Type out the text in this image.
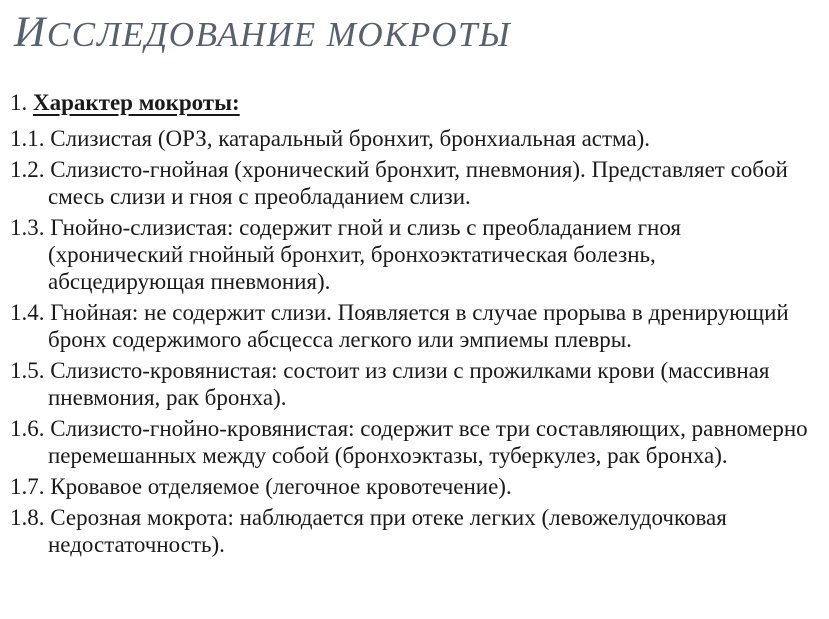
ИССЛЕДОВАНИЕ МОКРОТЫ

1. Характер мокроты:

1.1. Слизистая (ОРЗ, катаральный бронхит, бронхиальная астма).

1.2. Слизисто-гнойная (хронический бронхит, пневмония). Представляет собой смесь слизи и гноя с преобладанием слизи.

1.3. Гнойно-слизистая: содержит гной и слизь с преобладанием гноя (хронический гнойный бронхит, бронхоэктатическая болезнь, абсцедирующая пневмония).

1.4. Гнойная: не содержит слизи. Появляется в случае прорыва в дренирующий бронх содержимого абсцесса легкого или эмпиемы плевры.

1.5. Слизисто-кровянистая: состоит из слизи с прожилками крови (массивная пневмония, рак бронха).

1.6. Слизисто-гнойно-кровянистая: содержит все три составляющих, равномерно перемешанных между собой (бронхоэктазы, туберкулез, рак бронха).

1.7. Кровавое отделяемое (легочное кровотечение).

1.8. Серозная мокрота: наблюдается при отеке легких (левожелудочковая недостаточность).
